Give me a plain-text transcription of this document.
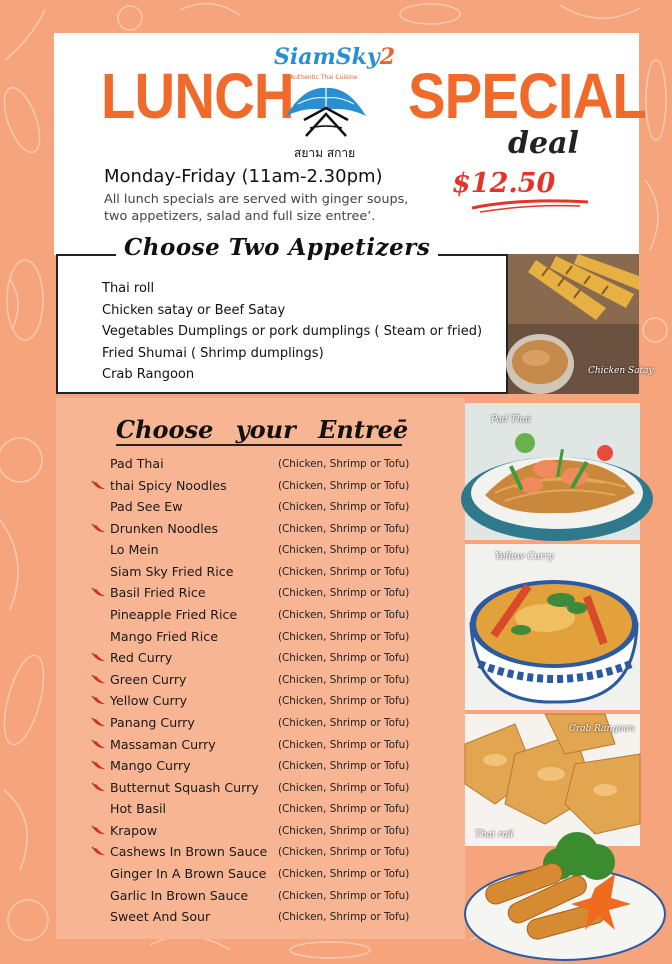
LUNCH SPECIAL
deal
SiamSky2
Authentic Thai Cuisine
สยาม สกาย
Monday-Friday (11am-2.30pm)
All lunch specials are served with ginger soups, two appetizers, salad and full size entree’.
$12.50
Choose Two Appetizers
Thai roll
Chicken satay or Beef Satay
Vegetables Dumplings or pork dumplings ( Steam or fried)
Fried Shumai ( Shrimp dumplings)
Crab Rangoon	Chicken Satay
Choose your Entreē
Pad Thai	(Chicken, Shrimp or Tofu)
thai Spicy Noodles	(Chicken, Shrimp or Tofu)
Pad See Ew	(Chicken, Shrimp or Tofu)
Drunken Noodles	(Chicken, Shrimp or Tofu)
Lo Mein	(Chicken, Shrimp or Tofu)
Siam Sky Fried Rice	(Chicken, Shrimp or Tofu)
Basil Fried Rice	(Chicken, Shrimp or Tofu)
Pineapple Fried Rice	(Chicken, Shrimp or Tofu)
Mango Fried Rice	(Chicken, Shrimp or Tofu)
Red Curry	(Chicken, Shrimp or Tofu)
Green Curry	(Chicken, Shrimp or Tofu)
Yellow Curry	(Chicken, Shrimp or Tofu)
Panang Curry	(Chicken, Shrimp or Tofu)
Massaman Curry	(Chicken, Shrimp or Tofu)
Mango Curry	(Chicken, Shrimp or Tofu)
Butternut Squash Curry (Chicken, Shrimp or Tofu)
Hot Basil	(Chicken, Shrimp or Tofu)
Krapow	(Chicken, Shrimp or Tofu)
Cashews In Brown Sauce (Chicken, Shrimp or Tofu)
Ginger In A Brown Sauce (Chicken, Shrimp or Tofu)
Garlic In Brown Sauce	(Chicken, Shrimp or Tofu)
Sweet And Sour	(Chicken, Shrimp or Tofu)
Pad Thai
Yellow Curry
Crab Rangoon
Thai roll
